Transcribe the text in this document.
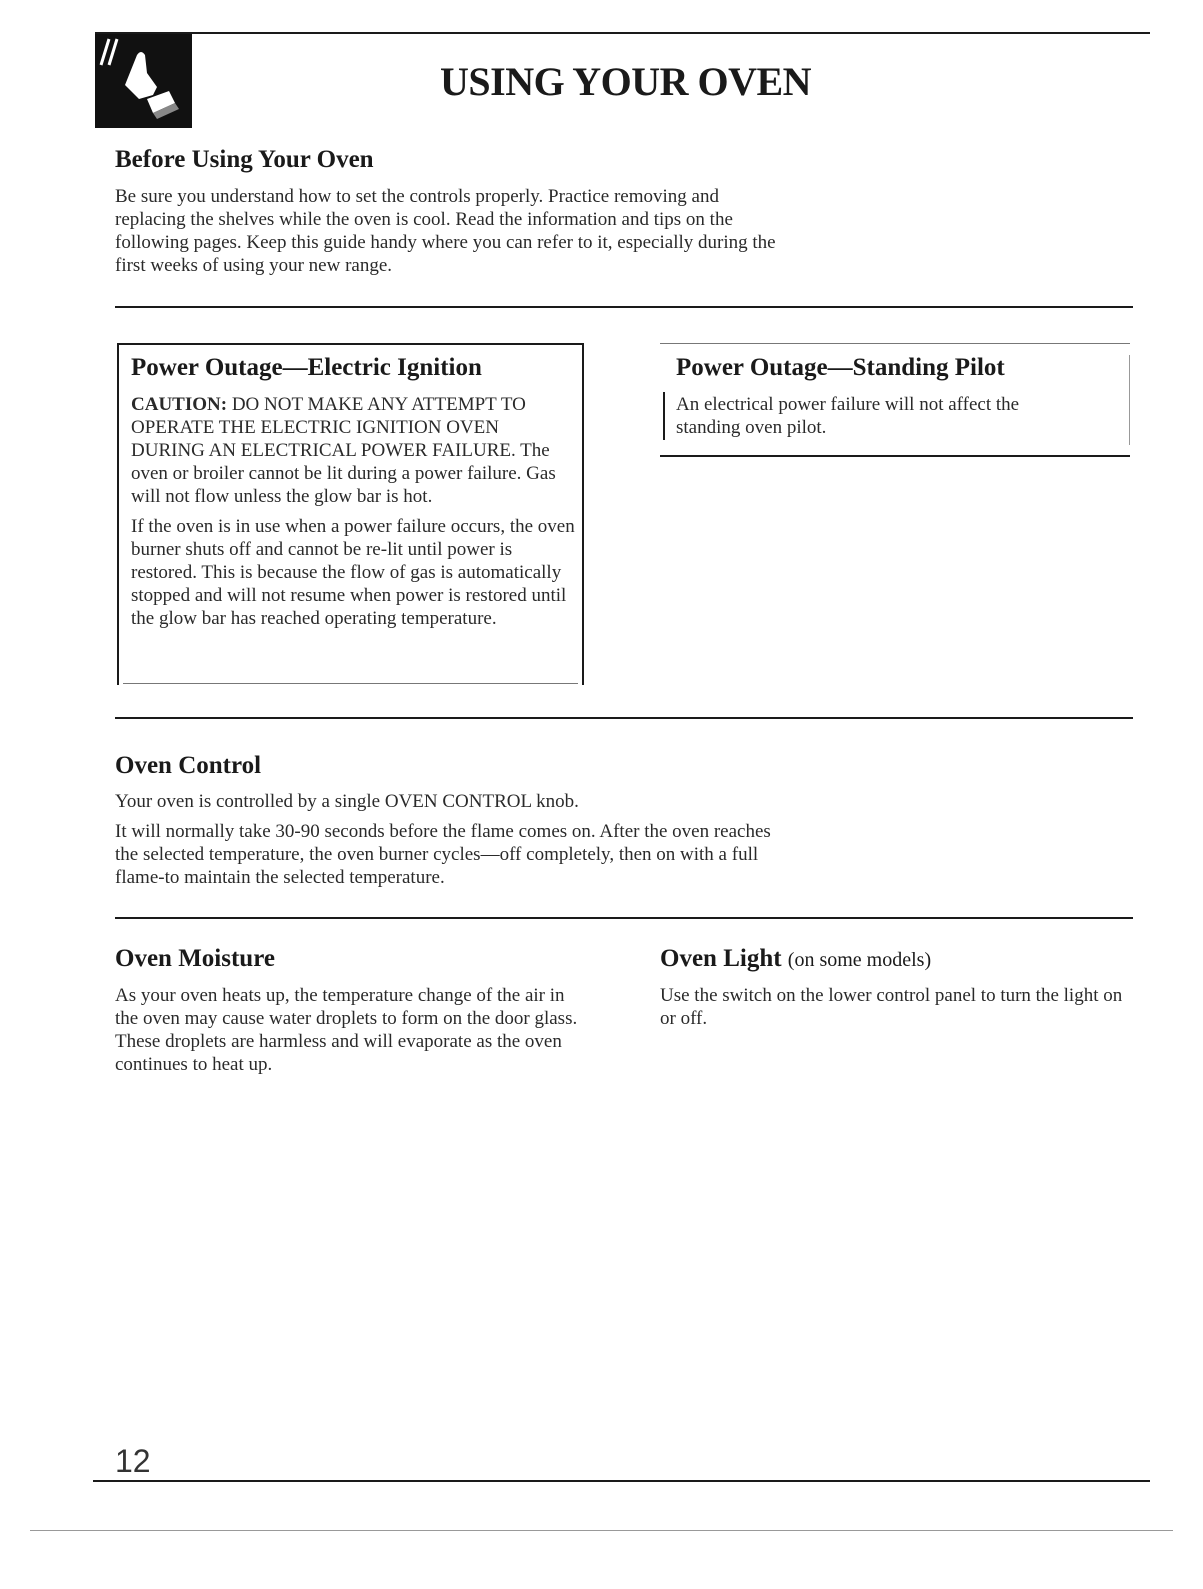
USING YOUR OVEN
Before Using Your Oven

Be sure you understand how to set the controls properly. Practice removing and replacing the shelves while the oven is cool. Read the information and tips on the following pages. Keep this guide handy where you can refer to it, especially during the first weeks of using your new range.

Power Outage—Electric Ignition

CAUTION: DO NOT MAKE ANY ATTEMPT TO OPERATE THE ELECTRIC IGNITION OVEN DURING AN ELECTRICAL POWER FAILURE. The oven or broiler cannot be lit during a power failure. Gas will not flow unless the glow bar is hot.

If the oven is in use when a power failure occurs, the oven burner shuts off and cannot be re-lit until power is restored. This is because the flow of gas is automatically stopped and will not resume when power is restored until the glow bar has reached operating temperature.

Power Outage—Standing Pilot

An electrical power failure will not affect the standing oven pilot.

Oven Control

Your oven is controlled by a single OVEN CONTROL knob.

It will normally take 30-90 seconds before the flame comes on. After the oven reaches the selected temperature, the oven burner cycles—off completely, then on with a full flame-to maintain the selected temperature.

Oven Moisture

As your oven heats up, the temperature change of the air in the oven may cause water droplets to form on the door glass. These droplets are harmless and will evaporate as the oven continues to heat up.

Oven Light (on some models)

Use the switch on the lower control panel to turn the light on or off.

12
